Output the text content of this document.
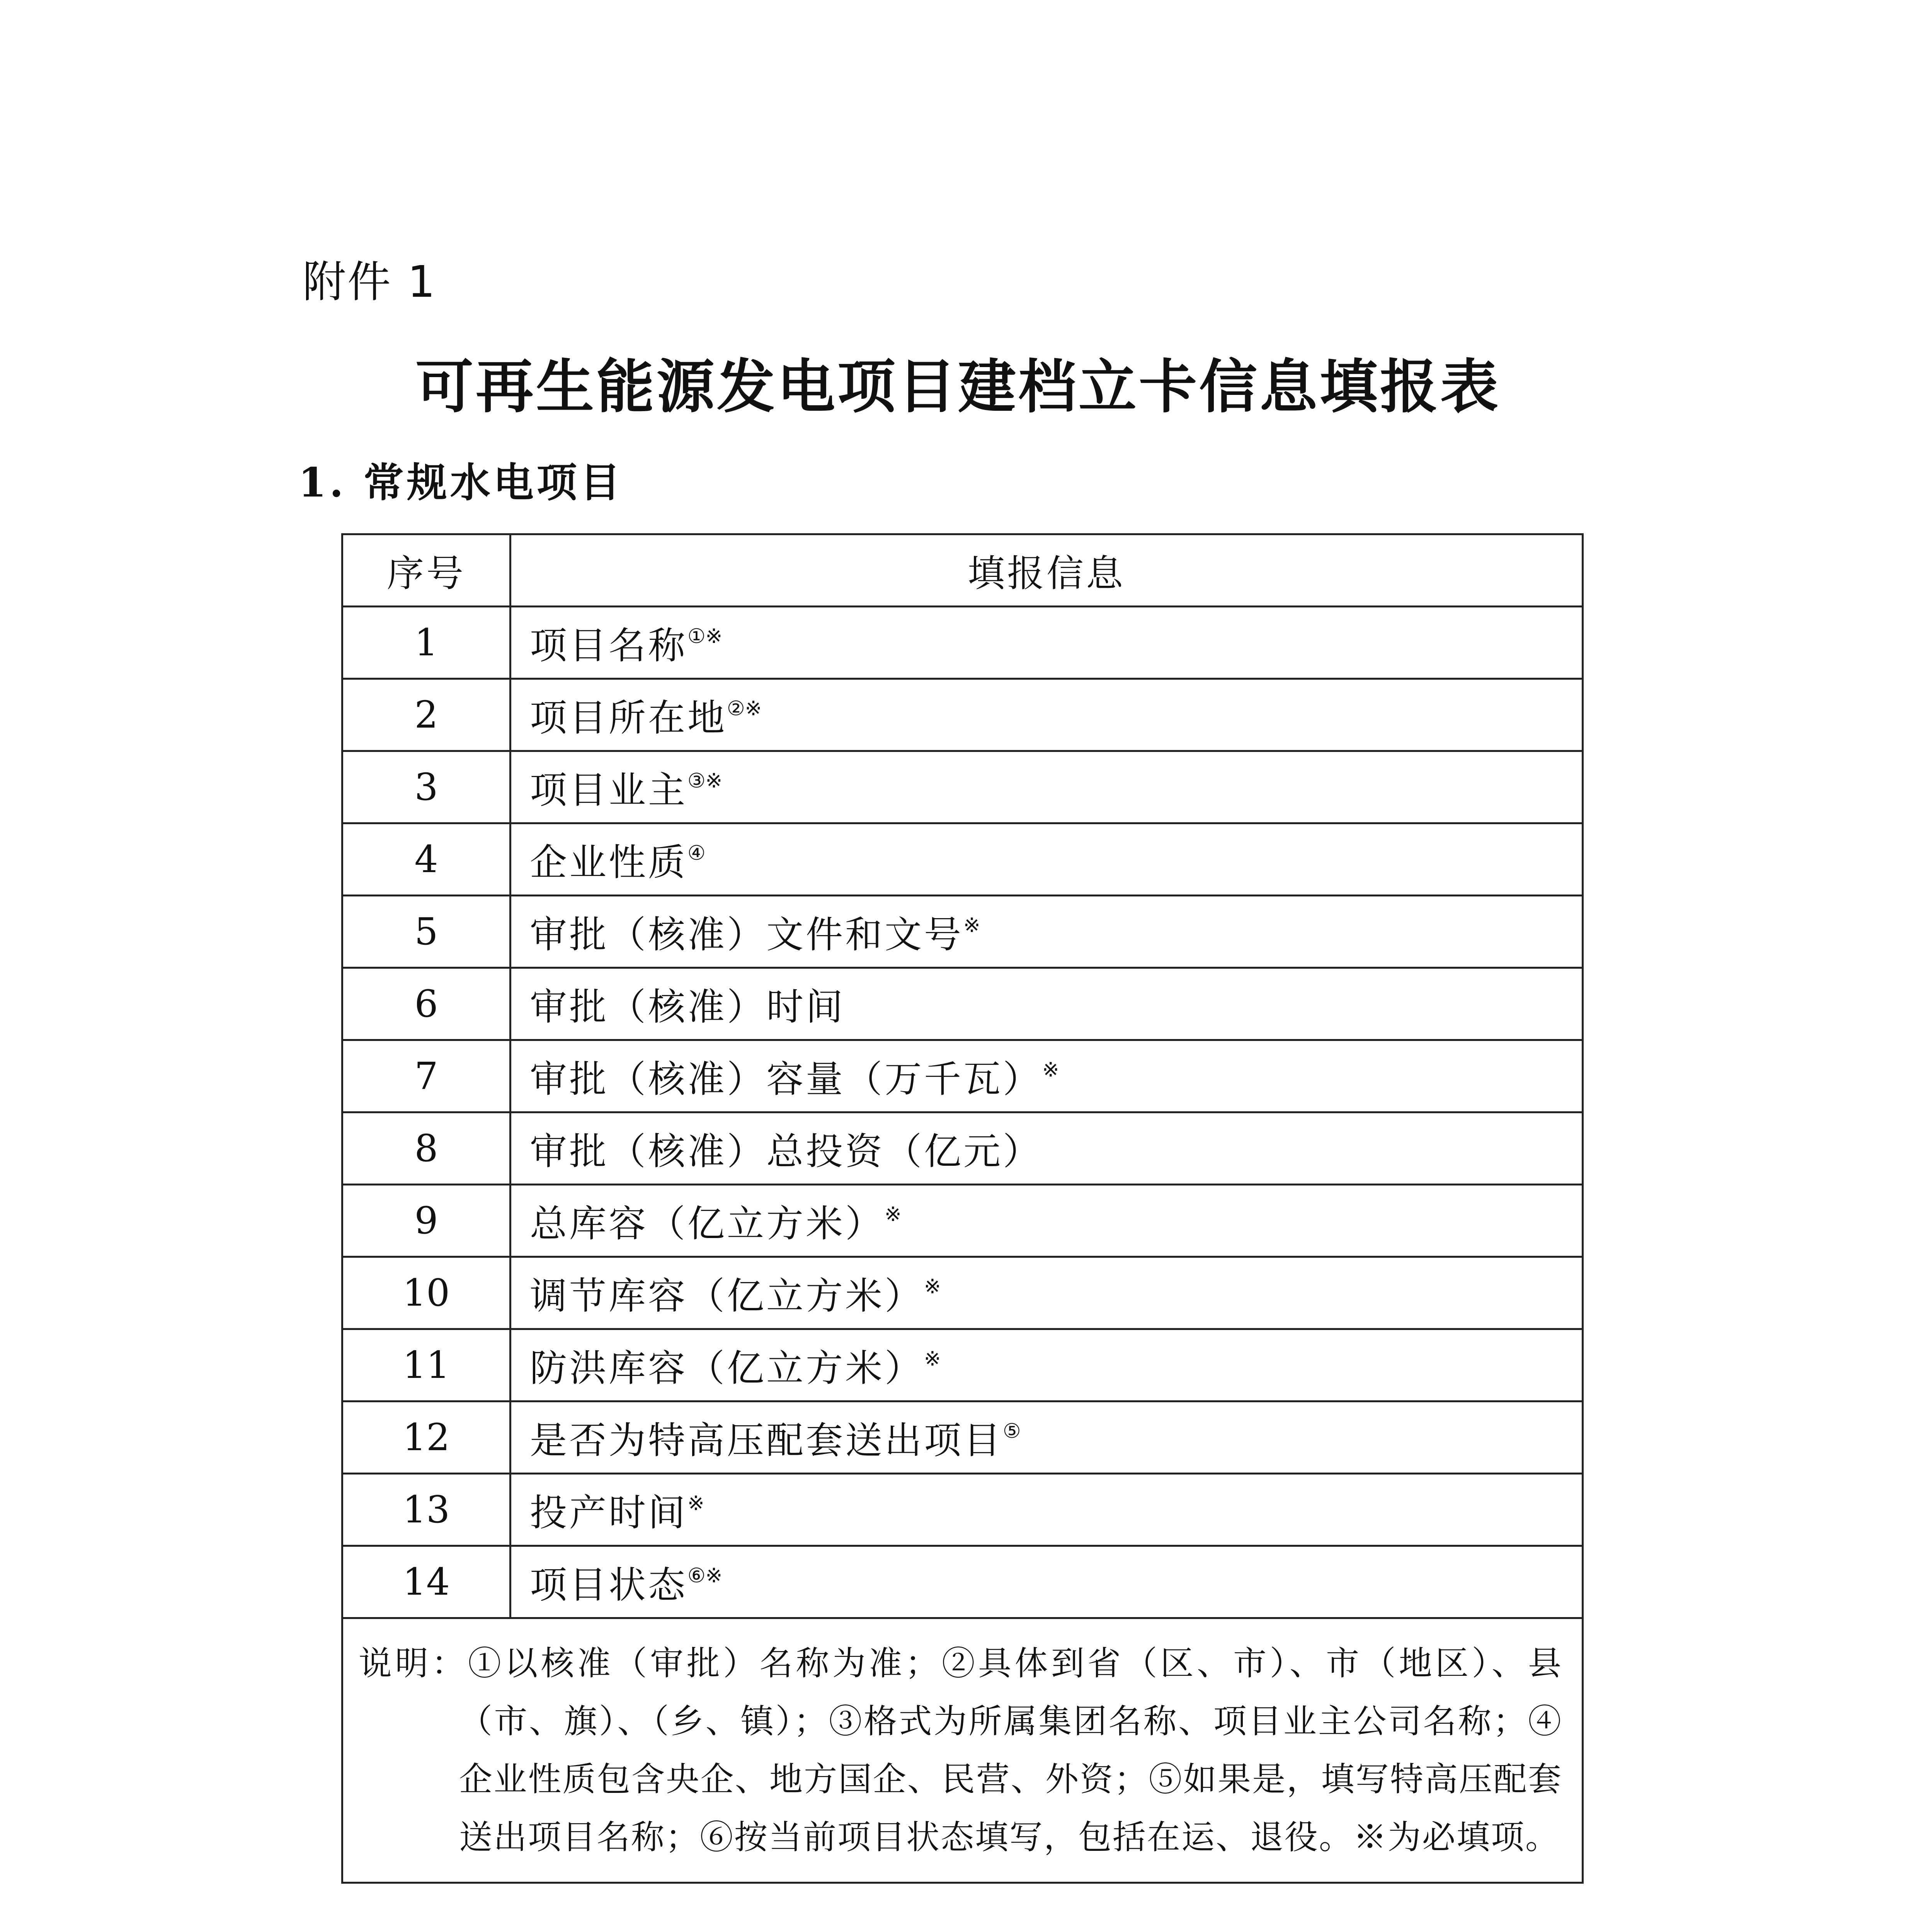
附件 1
可再生能源发电项目建档立卡信息填报表
1. 常规水电项目
序号	填报信息
1	项目名称①※
2	项目所在地②※
3	项目业主③※
4	企业性质④
5	审批（核准）文件和文号※
6	审批（核准）时间
7	审批（核准）容量（万千瓦）※
8	审批（核准）总投资（亿元）
9	总库容（亿立方米）※
10	调节库容（亿立方米）※
11	防洪库容（亿立方米）※
12	是否为特高压配套送出项目⑤
13	投产时间※
14	项目状态⑥※

说明：①以核准（审批）名称为准；②具体到省（区、市）、市（地区）、县（市、旗）、（乡、镇）；③格式为所属集团名称、项目业主公司名称；④企业性质包含央企、地方国企、民营、外资；⑤如果是，填写特高压配套送出项目名称；⑥按当前项目状态填写，包括在运、退役。※为必填项。	
